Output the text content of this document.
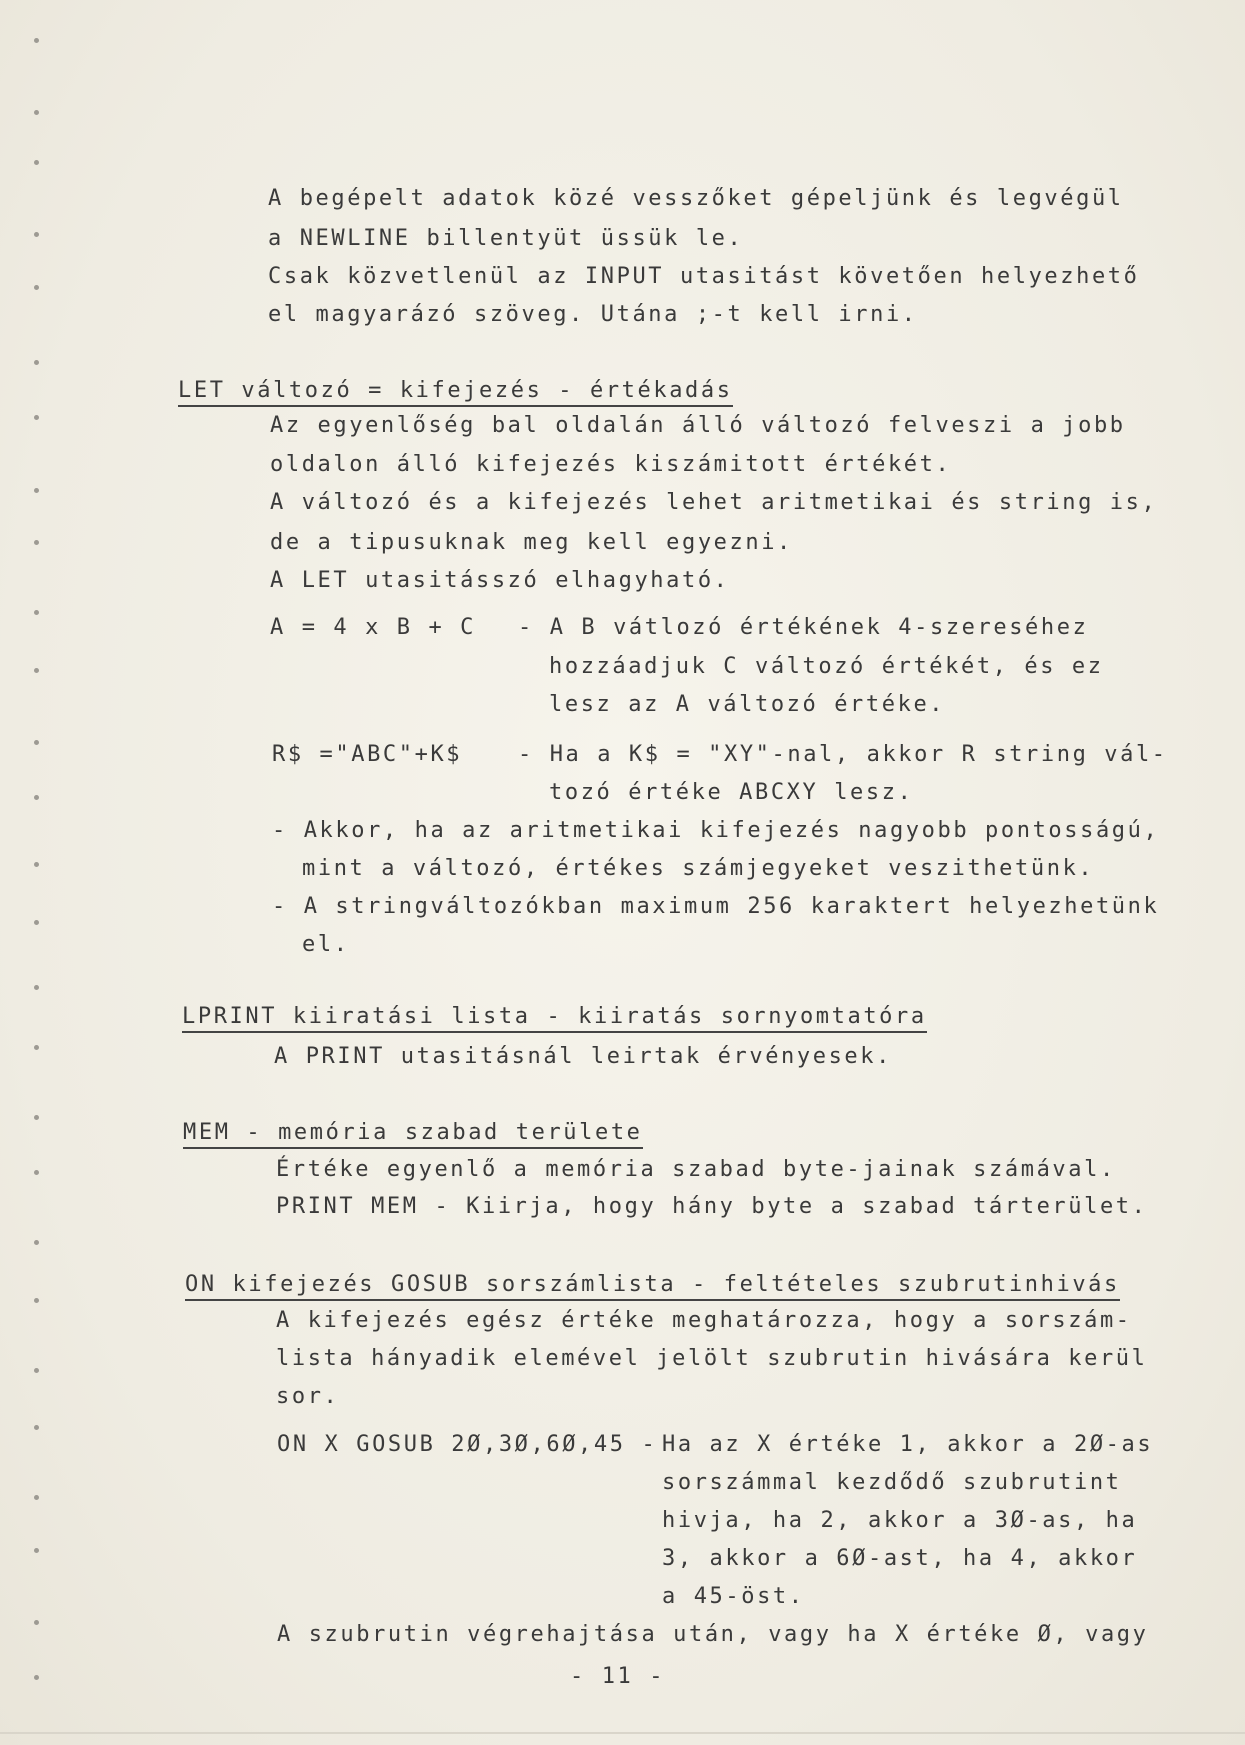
A begépelt adatok közé vesszőket gépeljünk és legvégül
a NEWLINE billentyüt üssük le.
Csak közvetlenül az INPUT utasitást követően helyezhető
el magyarázó szöveg. Utána ;-t kell irni.
LET változó = kifejezés - értékadás
Az egyenlőség bal oldalán álló változó felveszi a jobb
oldalon álló kifejezés kiszámitott értékét.
A változó és a kifejezés lehet aritmetikai és string is,
de a tipusuknak meg kell egyezni.
A LET utasitásszó elhagyható.
A = 4 x B + C - A B vátlozó értékének 4-szereséhez
hozzáadjuk C változó értékét, és ez
lesz az A változó értéke.
R$ ="ABC"+K$	- Ha a K$ = "XY"-nal, akkor R string vál-
tozó értéke ABCXY lesz.
- Akkor, ha az aritmetikai kifejezés nagyobb pontosságú,
mint a változó, értékes számjegyeket veszithetünk.
- A stringváltozókban maximum 256 karaktert helyezhetünk
el.
LPRINT kiiratási lista - kiiratás sornyomtatóra
A PRINT utasitásnál leirtak érvényesek.
MEM - memória szabad területe
Értéke egyenlő a memória szabad byte-jainak számával.
PRINT MEM - Kiirja, hogy hány byte a szabad tárterület.
ON kifejezés GOSUB sorszámlista - feltételes szubrutinhivás
A kifejezés egész értéke meghatározza, hogy a sorszám-
lista hányadik elemével jelölt szubrutin hivására kerül
sor.
ON X GOSUB 2Ø,3Ø,6Ø,45 - Ha az X értéke 1, akkor a 2Ø-as
sorszámmal kezdődő szubrutint
hivja, ha 2, akkor a 3Ø-as, ha
3, akkor a 6Ø-ast, ha 4, akkor
a 45-öst.
A szubrutin végrehajtása után, vagy ha X értéke Ø, vagy
- 11 -
